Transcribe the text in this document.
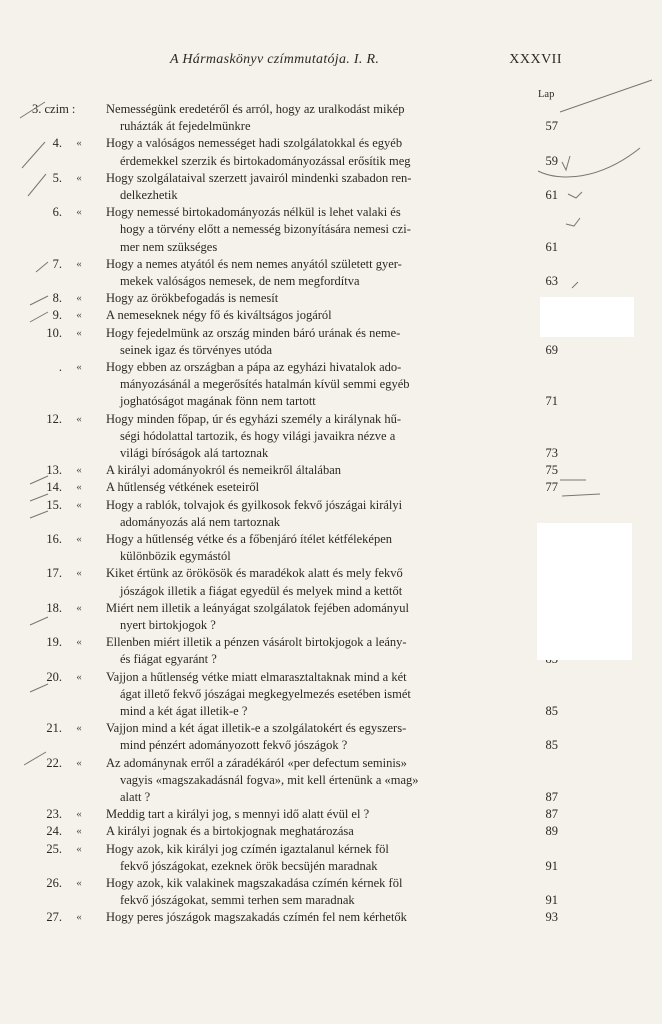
A Hármaskönyv czímmutatója. I. R.	XXXVII
Lap
3. czim :	Nemességünk eredetéről és arról, hogy az uralkodást mikép
ruházták át fejedelmünkre	57
4.	«	Hogy a valóságos nemességet hadi szolgálatokkal és egyéb
érdemekkel szerzik és birtokadományozással erősítik meg	59
5.	«	Hogy szolgálataival szerzett javairól mindenki szabadon ren-
delkezhetik	61
6.	«	Hogy nemessé birtokadományozás nélkül is lehet valaki és
hogy a törvény előtt a nemesség bizonyítására nemesi czi-
mer nem szükséges	61
7.	«	Hogy a nemes atyától és nem nemes anyától született gyer-
mekek valóságos nemesek, de nem megfordítva	63
8.	«	Hogy az örökbefogadás is nemesít
9.	«	A nemeseknek négy fő és kiváltságos jogáról
10.	«	Hogy fejedelmünk az ország minden báró urának és neme-
seinek igaz és törvényes utóda	69
.	«	Hogy ebben az országban a pápa az egyházi hivatalok ado-
mányozásánál a megerősítés hatalmán kívül semmi egyéb
joghatóságot magának fönn nem tartott	71
12.	«	Hogy minden főpap, úr és egyházi személy a királynak hű-
ségi hódolattal tartozik, és hogy világi javaikra nézve a
világi bíróságok alá tartoznak	73
13.	«	A királyi adományokról és nemeikről általában	75
14.	«	A hűtlenség vétkének eseteiről	77
15.	«	Hogy a rablók, tolvajok és gyilkosok fekvő jószágai királyi
adományozás alá nem tartoznak
16.	«	Hogy a hűtlenség vétke és a főbenjáró ítélet kétféleképen
különbözik egymástól
17.	«	Kiket értünk az örökösök és maradékok alatt és mely fekvő
jószágok illetik a fiágat egyedül és melyek mind a kettőt
18.	«	Miért nem illetik a leányágat szolgálatok fejében adományul
nyert birtokjogok ?
19.	«	Ellenben miért illetik a pénzen vásárolt birtokjogok a leány-
és fiágat egyaránt ?
20.	«	Vajjon a hűtlenség vétke miatt elmarasztaltaknak mind a két
ágat illető fekvő jószágai megkegyelmezés esetében ismét
mind a két ágat illetik-e ?	85
21.	«	Vajjon mind a két ágat illetik-e a szolgálatokért és egyszers-
mind pénzért adományozott fekvő jószágok ?	85
22.	«	Az adománynak erről a záradékáról «per defectum seminis»
vagyis «magszakadásnál fogva», mit kell értenünk a «mag»
alatt ?	87
23.	«	Meddig tart a királyi jog, s mennyi idő alatt évül el ?	87
24.	«	A királyi jognak és a birtokjognak meghatározása	89
25.	«	Hogy azok, kik királyi jog czímén igaztalanul kérnek föl
fekvő jószágokat, ezeknek örök becsüjén maradnak	91
26.	«	Hogy azok, kik valakinek magszakadása czímén kérnek föl
fekvő jószágokat, semmi terhen sem maradnak	91
27.	«	Hogy peres jószágok magszakadás czímén fel nem kérhetők	93
